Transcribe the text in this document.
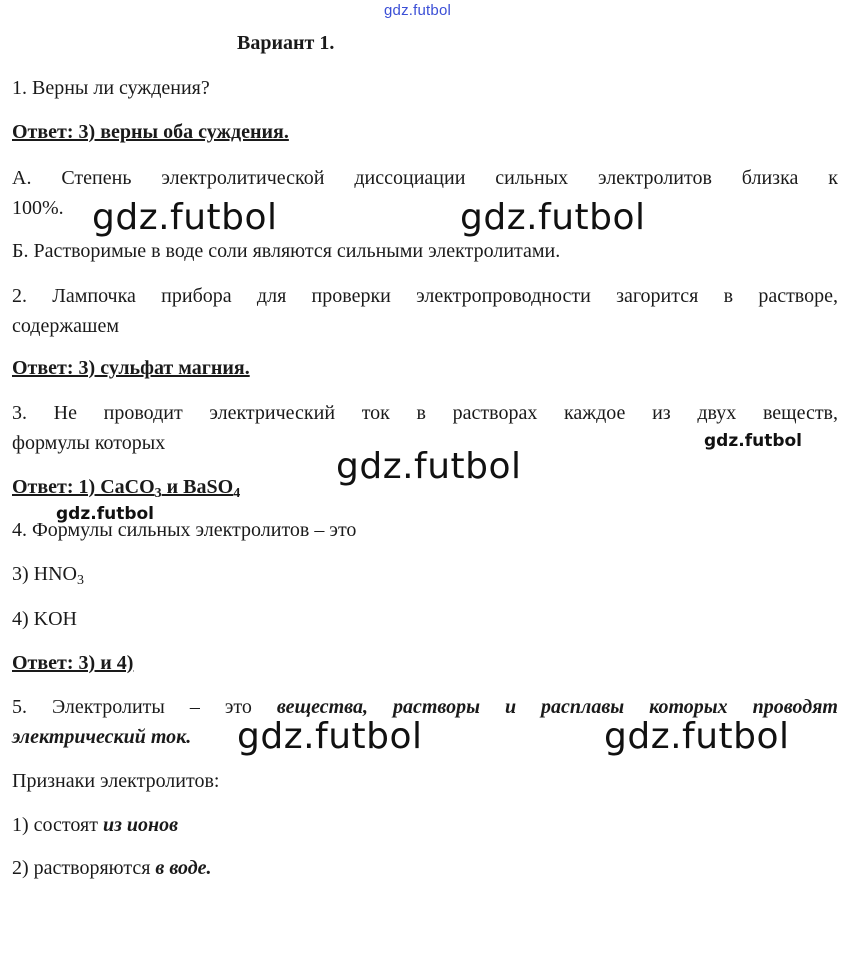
gdz.futbol
Вариант 1.
1. Верны ли суждения?
Ответ: 3) верны оба суждения.
А. Степень электролитической диссоциации сильных электролитов близка к
100%.
Б. Растворимые в воде соли являются сильными электролитами.
2. Лампочка прибора для проверки электропроводности загорится в растворе,
содержашем
Ответ: 3) сульфат магния.
3. Не проводит электрический ток в растворах каждое из двух веществ,
формулы которых
Ответ: 1) CaCO$_3$ и BaSO$_4$
4. Формулы сильных электролитов – это
3) $HNO_3$
4) KOH
Ответ: 3) и 4)
5. Электролиты – это вещества, растворы и расплавы которых проводят
электрический ток.
Признаки электролитов:
1) состоят из ионов
2) растворяются в воде.
gdz.futbol	gdz.futbol
gdz.futbol
gdz.futbol	gdz.futbol
gdz.futbol
gdz.futbol
